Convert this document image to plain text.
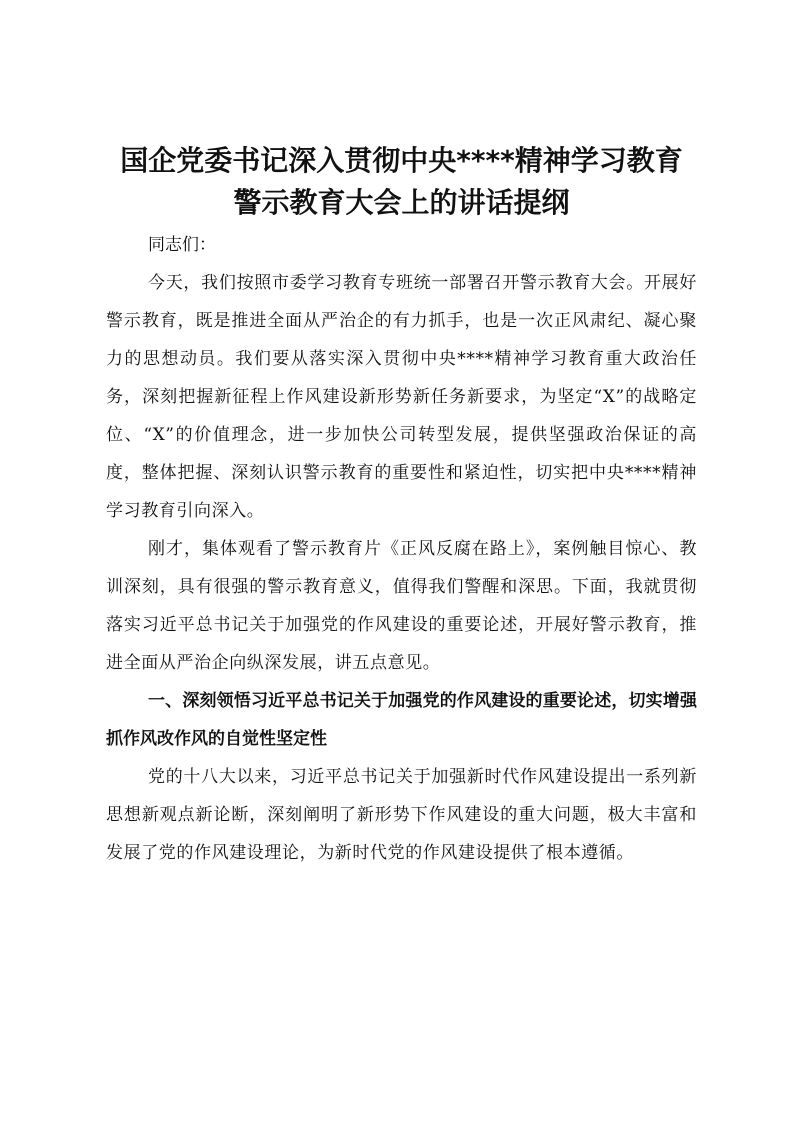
国企党委书记深入贯彻中央****精神学习教育
警示教育大会上的讲话提纲

同志们：

今天，我们按照市委学习教育专班统一部署召开警示教育大会。开展好警示教育，既是推进全面从严治企的有力抓手，也是一次正风肃纪、凝心聚力的思想动员。我们要从落实深入贯彻中央****精神学习教育重大政治任务，深刻把握新征程上作风建设新形势新任务新要求，为坚定“X”的战略定位、“X”的价值理念，进一步加快公司转型发展，提供坚强政治保证的高度，整体把握、深刻认识警示教育的重要性和紧迫性，切实把中央****精神学习教育引向深入。

刚才，集体观看了警示教育片《正风反腐在路上》，案例触目惊心、教训深刻，具有很强的警示教育意义，值得我们警醒和深思。下面，我就贯彻落实习近平总书记关于加强党的作风建设的重要论述，开展好警示教育，推进全面从严治企向纵深发展，讲五点意见。

一、深刻领悟习近平总书记关于加强党的作风建设的重要论述，切实增强抓作风改作风的自觉性坚定性

党的十八大以来，习近平总书记关于加强新时代作风建设提出一系列新思想新观点新论断，深刻阐明了新形势下作风建设的重大问题，极大丰富和发展了党的作风建设理论，为新时代党的作风建设提供了根本遵循。
